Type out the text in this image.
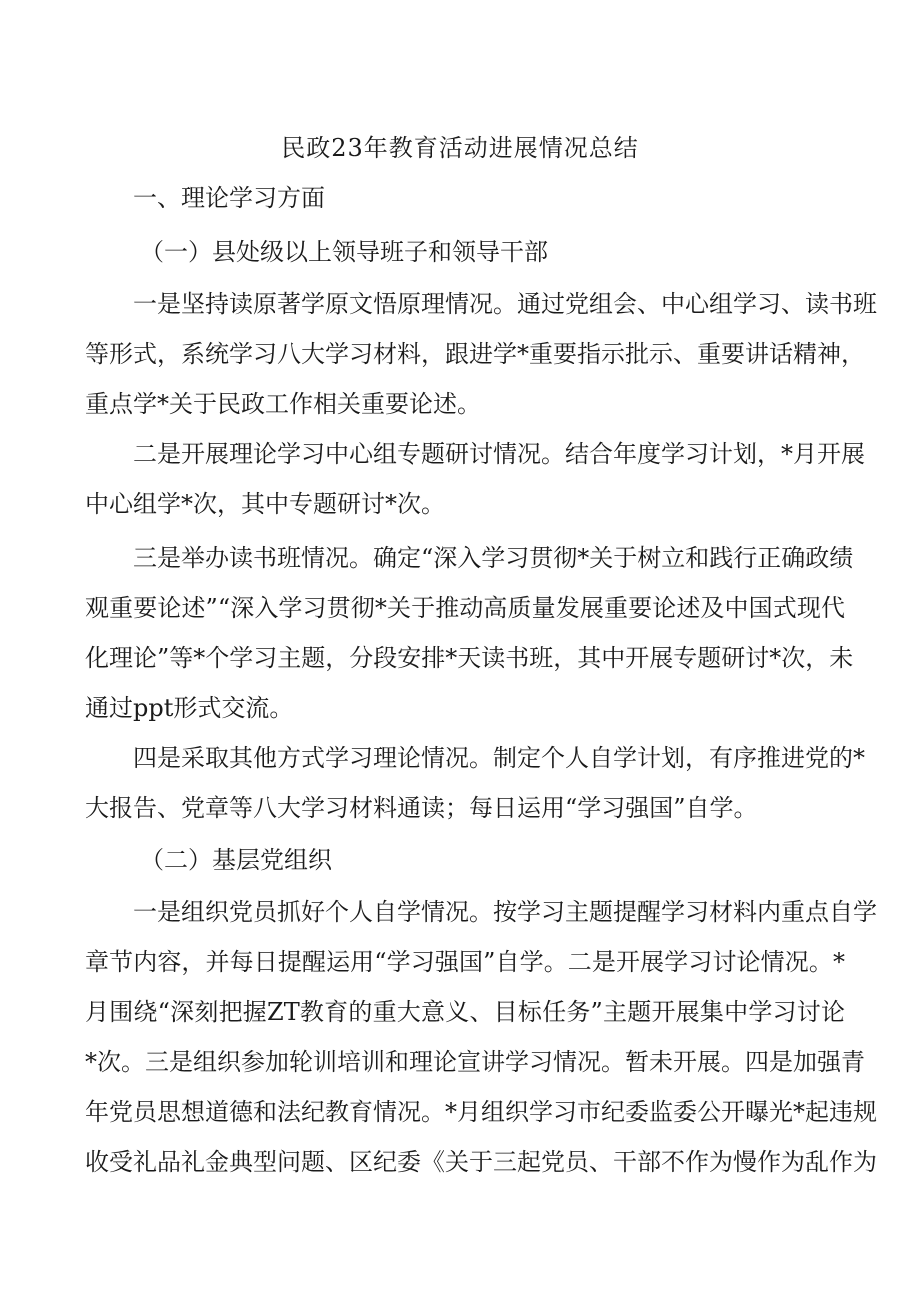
民政23年教育活动进展情况总结
一、理论学习方面
（一）县处级以上领导班子和领导干部
一是坚持读原著学原文悟原理情况。通过党组会、中心组学习、读书班
等形式，系统学习八大学习材料，跟进学*重要指示批示、重要讲话精神，
重点学*关于民政工作相关重要论述。
二是开展理论学习中心组专题研讨情况。结合年度学习计划，*月开展
中心组学*次，其中专题研讨*次。
三是举办读书班情况。确定“深入学习贯彻*关于树立和践行正确政绩
观重要论述”“深入学习贯彻*关于推动高质量发展重要论述及中国式现代
化理论”等*个学习主题，分段安排*天读书班，其中开展专题研讨*次，未
通过ppt形式交流。
四是采取其他方式学习理论情况。制定个人自学计划，有序推进党的*
大报告、党章等八大学习材料通读；每日运用“学习强国”自学。
（二）基层党组织
一是组织党员抓好个人自学情况。按学习主题提醒学习材料内重点自学
章节内容，并每日提醒运用“学习强国”自学。二是开展学习讨论情况。*
月围绕“深刻把握ZT教育的重大意义、目标任务”主题开展集中学习讨论
*次。三是组织参加轮训培训和理论宣讲学习情况。暂未开展。四是加强青
年党员思想道德和法纪教育情况。*月组织学习市纪委监委公开曝光*起违规
收受礼品礼金典型问题、区纪委《关于三起党员、干部不作为慢作为乱作为
